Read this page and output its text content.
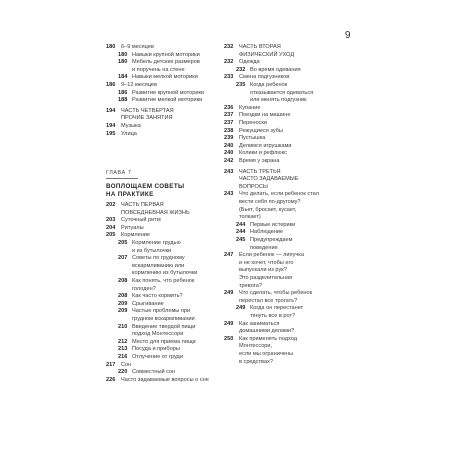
180 6–9 месяцев
180 Навыки крупной моторики
180 Мебель детских размеров
и поручень на стене
184 Навыки мелкой моторики
186 9–12 месяцев
186 Развитие крупной моторики
188 Развитие мелкой моторики
194 ЧАСТЬ ЧЕТВЕРТАЯ
ПРОЧИЕ ЗАНЯТИЯ
194 Музыка
195 Улица
ГЛАВА 7
ВОПЛОЩАЕМ СОВЕТЫ
НА ПРАКТИКЕ
202 ЧАСТЬ ПЕРВАЯ
ПОВСЕДНЕВНАЯ ЖИЗНЬ
203 Суточный ритм
204 Ритуалы
205 Кормление
205 Кормление грудью
и из бутылочки
207 Советы по грудному
вскармливанию или
кормлению из бутылочки
208 Как понять, что ребенок
голоден?
208 Как часто кормить?
209 Срыгивание
209 Частые проблемы при
грудном вскармливании
210 Введение твердой пищи
подход Монтессори
212 Место для приема пищи
213 Посуда и приборы
216 Отлучение от груди
217 Сон
220 Совместный сон
226 Часто задаваемые вопросы о сне
232 ЧАСТЬ ВТОРАЯ
ФИЗИЧЕСКИЙ УХОД
232 Одежда
232 Во время одевания
233 Смена подгузников
235 Когда ребенок
отказывается одеваться
или менять подгузник
236 Купание
237 Поездки на машине
237 Переноски
238 Режущиеся зубы
239 Пустышка
240 Делимся игрушками
240 Колики и рефлюкс
242 Время у экрана
243 ЧАСТЬ ТРЕТЬЯ
ЧАСТО ЗАДАВАЕМЫЕ
ВОПРОСЫ
243 Что делать, если ребенок стал
вести себя по-другому?
(Бьет, бросает, кусает,
толкает)
244 Первые истерики
244 Наблюдение
245 Предупреждаем
поведение
247 Если ребенок — липучка
и не хочет, чтобы его
выпускали из рук?
Это разделительная
тревога?
249 Что сделать, чтобы ребенок
перестал все трогать?
249 Когда он перестанет
тянуть все в рот?
249 Как заниматься
домашними делами?
250 Как применять подход
Монтессори,
если мы ограничены
в средствах?
9
